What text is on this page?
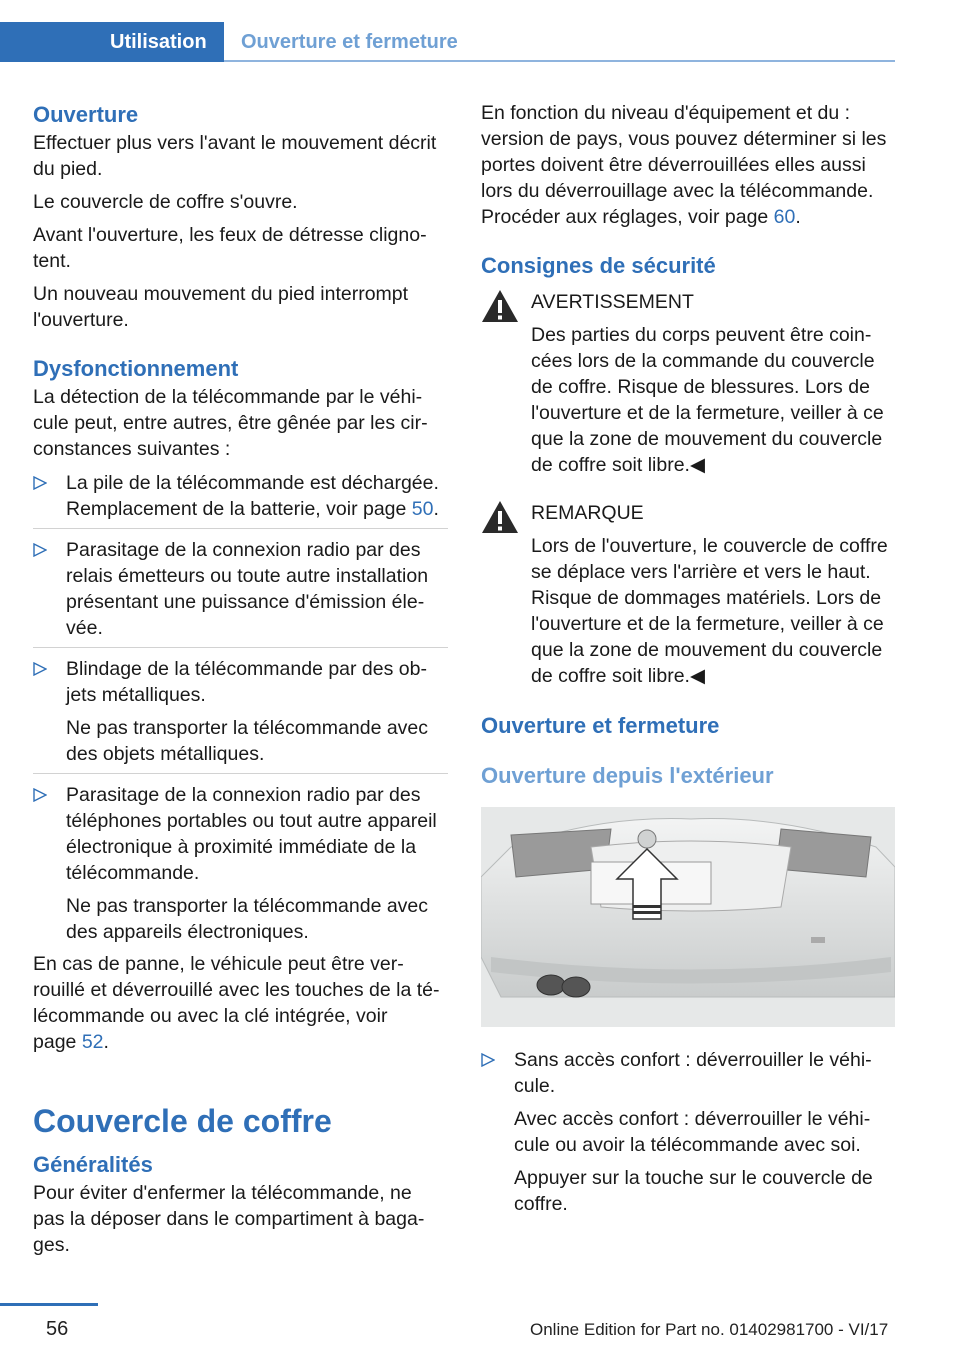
Utilisation	Ouverture et fermeture
Ouverture

Effectuer plus vers l'avant le mouvement décrit du pied.

Le couvercle de coffre s'ouvre.

Avant l'ouverture, les feux de détresse clignotent.

Un nouveau mouvement du pied interrompt l'ouverture.

Dysfonctionnement

La détection de la télécommande par le véhicule peut, entre autres, être gênée par les circonstances suivantes :

La pile de la télécommande est déchargée. Remplacement de la batterie, voir page 50.

Parasitage de la connexion radio par des relais émetteurs ou toute autre installation présentant une puissance d'émission élevée.

Blindage de la télécommande par des objets métalliques.

Ne pas transporter la télécommande avec des objets métalliques.

Parasitage de la connexion radio par des téléphones portables ou tout autre appareil électronique à proximité immédiate de la télécommande.

Ne pas transporter la télécommande avec des appareils électroniques.

En cas de panne, le véhicule peut être verrouillé et déverrouillé avec les touches de la télécommande ou avec la clé intégrée, voir page 52.

Couvercle de coffre
Généralités

Pour éviter d'enfermer la télécommande, ne pas la déposer dans le compartiment à bagages.

En fonction du niveau d'équipement et du : version de pays, vous pouvez déterminer si les portes doivent être déverrouillées elles aussi lors du déverrouillage avec la télécommande. Procéder aux réglages, voir page 60.

Consignes de sécurité

AVERTISSEMENT

Des parties du corps peuvent être coincées lors de la commande du couvercle de coffre. Risque de blessures. Lors de l'ouverture et de la fermeture, veiller à ce que la zone de mouvement du couvercle de coffre soit libre.◀

REMARQUE

Lors de l'ouverture, le couvercle de coffre se déplace vers l'arrière et vers le haut. Risque de dommages matériels. Lors de l'ouverture et de la fermeture, veiller à ce que la zone de mouvement du couvercle de coffre soit libre.◀

Ouverture et fermeture
Ouverture depuis l'extérieur

Sans accès confort : déverrouiller le véhicule.

Avec accès confort : déverrouiller le véhicule ou avoir la télécommande avec soi.

Appuyer sur la touche sur le couvercle de coffre.

56	Online Edition for Part no. 01402981700 - VI/17
